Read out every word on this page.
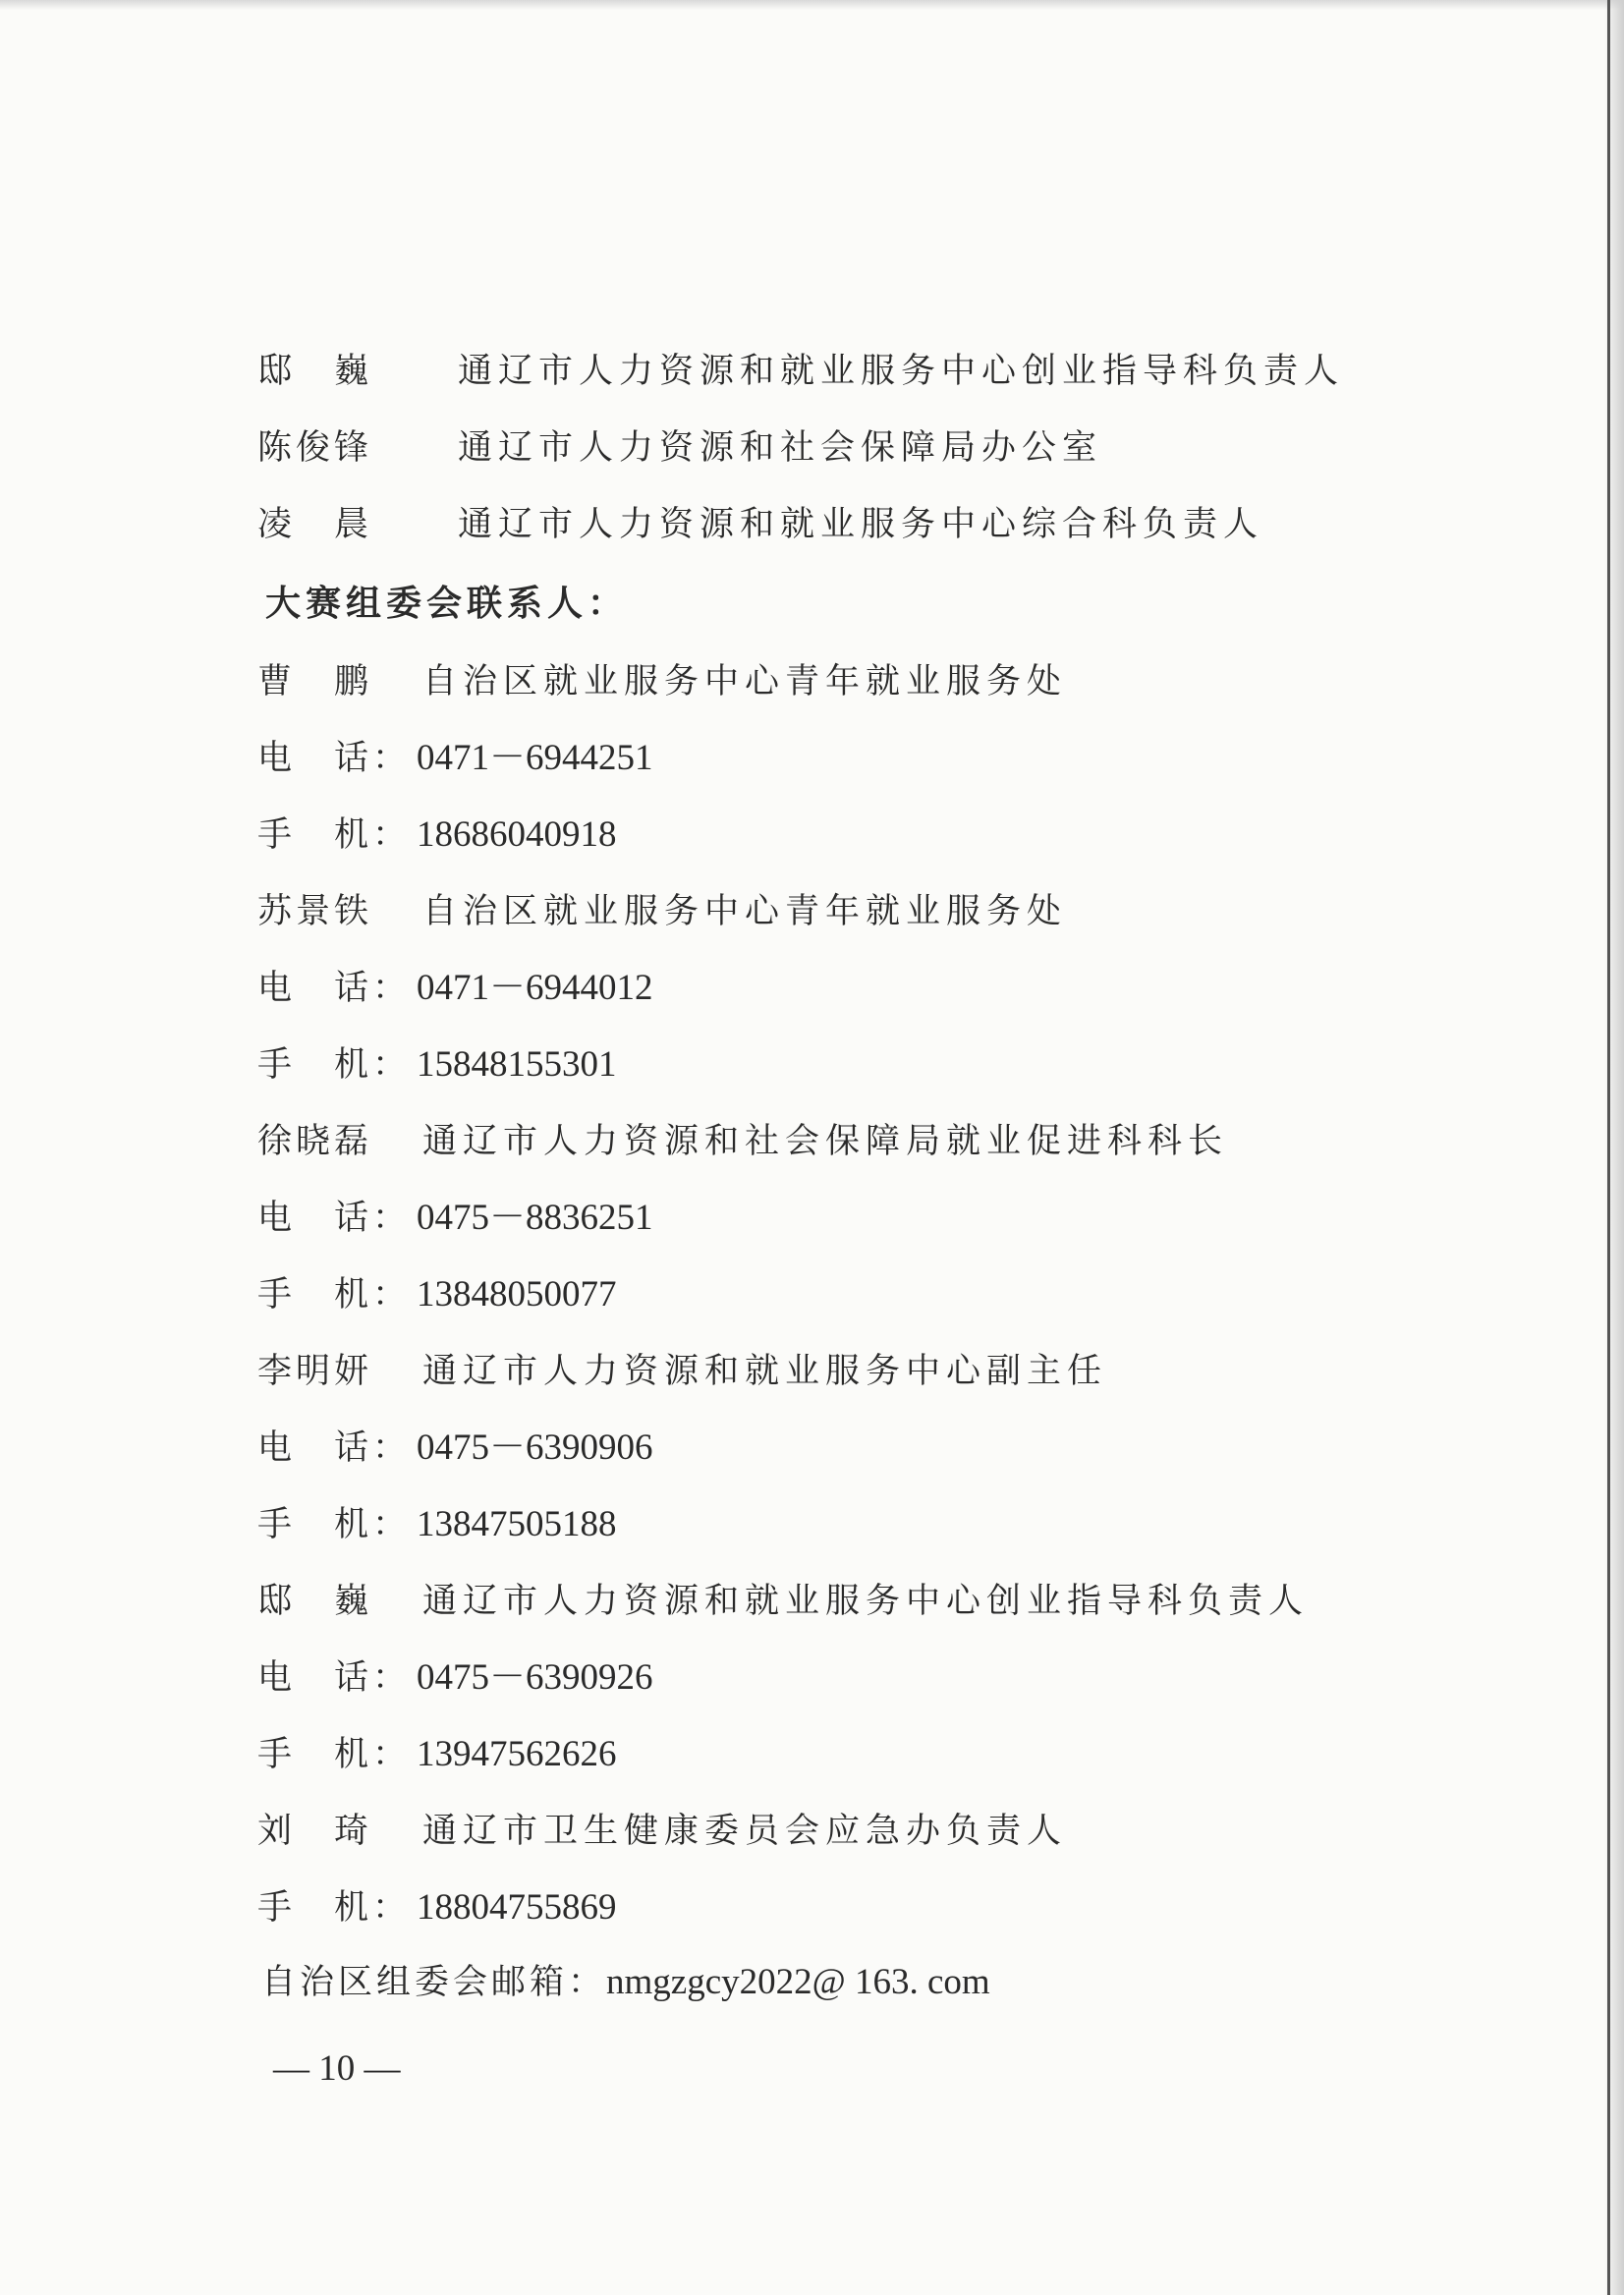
邸　巍 通辽市人力资源和就业服务中心创业指导科负责人
陈俊锋 通辽市人力资源和社会保障局办公室
凌　晨 通辽市人力资源和就业服务中心综合科负责人
大赛组委会联系人：
曹　鹏 自治区就业服务中心青年就业服务处
电　话： 0471－6944251
手　机： 18686040918
苏景铁 自治区就业服务中心青年就业服务处
电　话： 0471－6944012
手　机： 15848155301
徐晓磊 通辽市人力资源和社会保障局就业促进科科长
电　话： 0475－8836251
手　机： 13848050077
李明妍 通辽市人力资源和就业服务中心副主任
电　话： 0475－6390906
手　机： 13847505188
邸　巍 通辽市人力资源和就业服务中心创业指导科负责人
电　话： 0475－6390926
手　机： 13947562626
刘　琦 通辽市卫生健康委员会应急办负责人
手　机： 18804755869
自治区组委会邮箱：nmgzgcy2022@ 163. com
— 10 —
